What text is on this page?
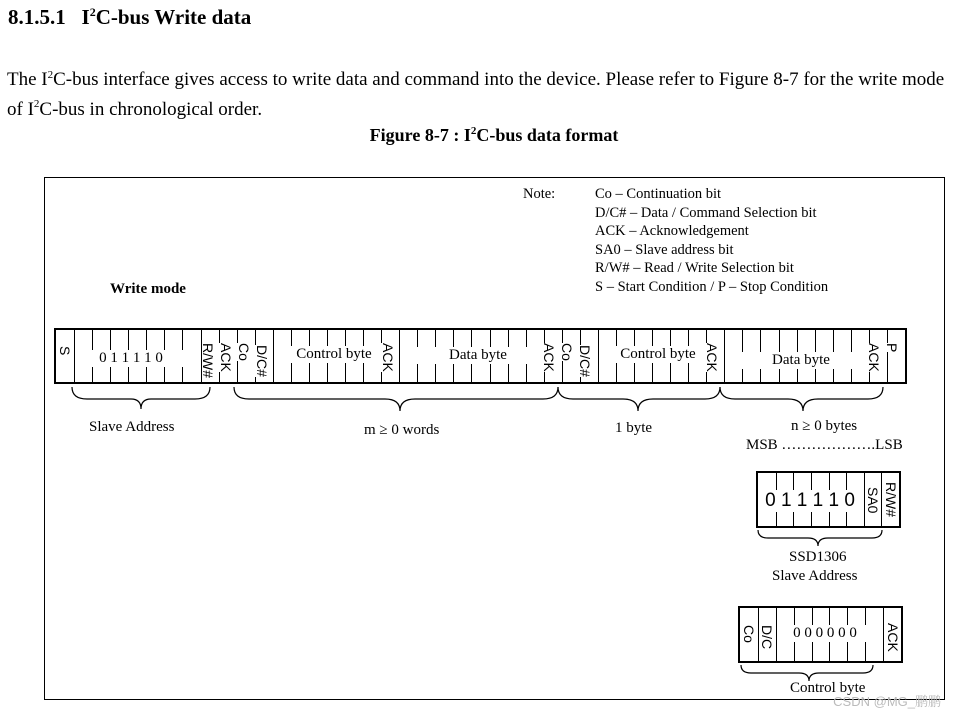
8.1.5.1 $I^2C$-bus Write data
The $I^2C$-bus interface gives access to write data and command into the device. Please refer to Figure 8-7 for the write mode of $I^2C$-bus in chronological order.
Figure 8-7 : $I^2C$-bus data format
Note:	Co – Continuation bit
D/C# – Data / Command Selection bit
ACK – Acknowledgement
SA0 – Slave address bit
R/W# – Read / Write Selection bit
S – Start Condition / P – Stop Condition
Write mode
S	0 1 1 1 1 0	R/W# ACK Co D/C#	Control byte ACK	Data byte	ACK Co D/C#	Control byte ACK	Data byte	ACK P
Slave Address	m ≥ 0 words	1 byte	n ≥ 0 bytes
MSB ……………….LSB
0 1 1 1 1 0 SA0 R/W#
SSD1306
Slave Address
Co D/C	0 0 0 0 0 0	ACK
Control byte
CSDN @MG_鹏鹏
